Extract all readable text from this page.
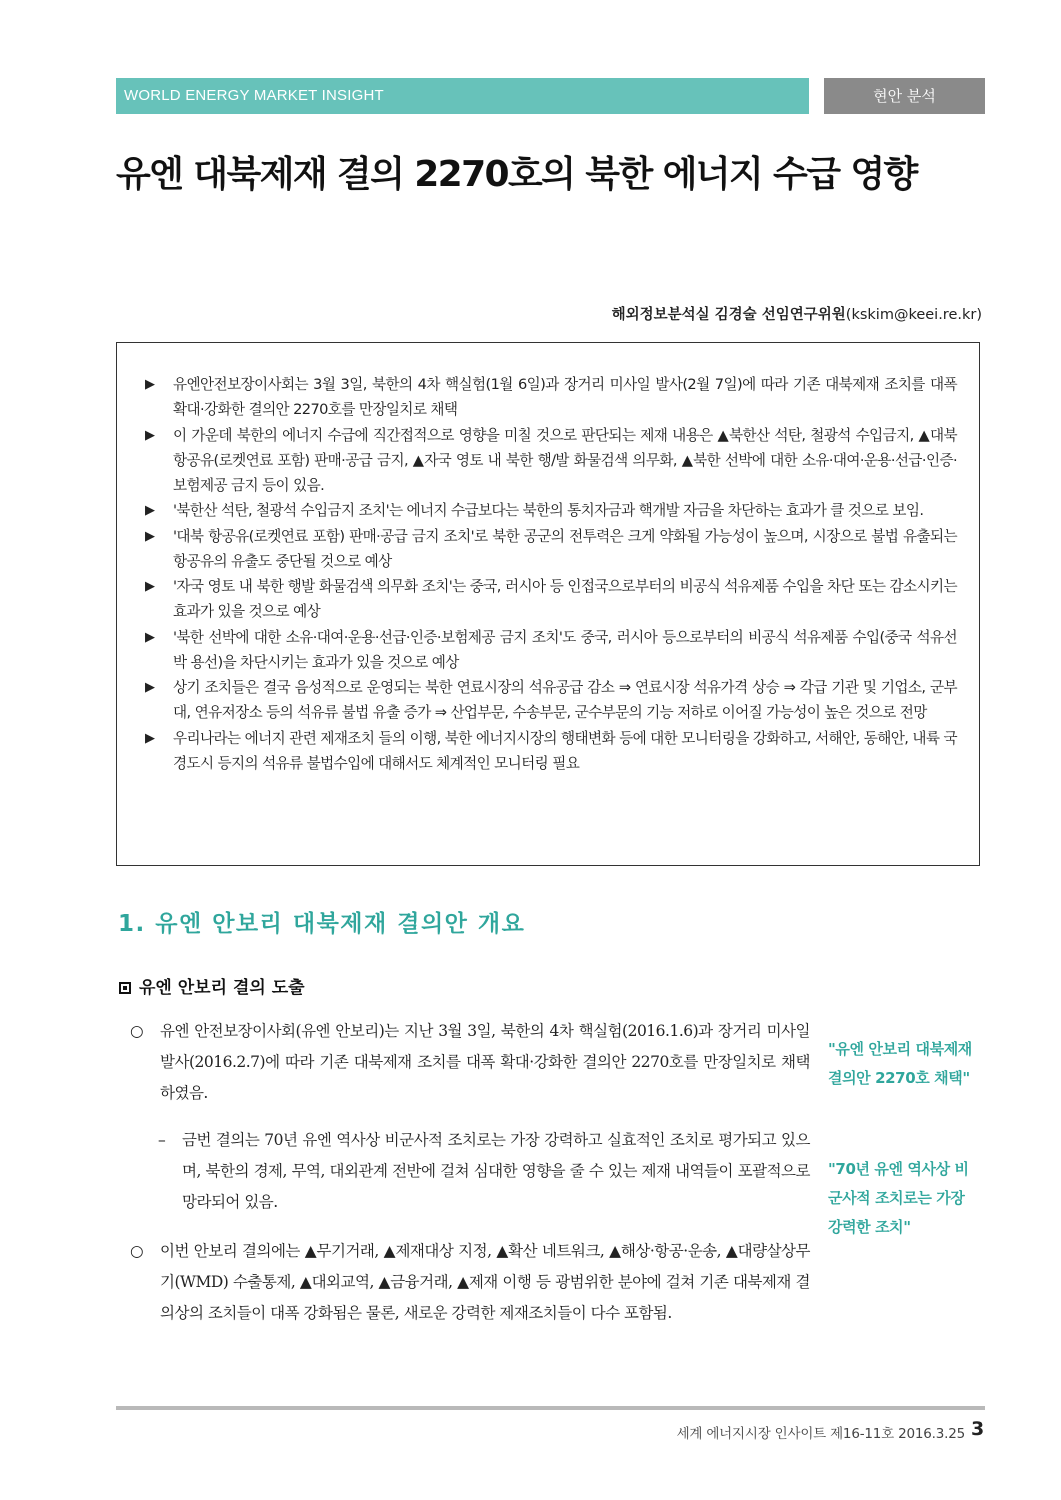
WORLD ENERGY MARKET INSIGHT	현안 분석
유엔 대북제재 결의 2270호의 북한 에너지 수급 영향
해외정보분석실 김경술 선임연구위원(kskim@keei.re.kr)
▶ 유엔안전보장이사회는 3월 3일, 북한의 4차 핵실험(1월 6일)과 장거리 미사일 발사(2월 7일)에 따라 기존 대북제재 조치를 대폭 확대·강화한 결의안 2270호를 만장일치로 채택
▶ 이 가운데 북한의 에너지 수급에 직간접적으로 영향을 미칠 것으로 판단되는 제재 내용은 ▲북한산 석탄, 철광석 수입금지, ▲대북 항공유(로켓연료 포함) 판매·공급 금지, ▲자국 영토 내 북한 행/발 화물검색 의무화, ▲북한 선박에 대한 소유·대여·운용·선급·인증·보험제공 금지 등이 있음.
▶ '북한산 석탄, 철광석 수입금지 조치'는 에너지 수급보다는 북한의 통치자금과 핵개발 자금을 차단하는 효과가 클 것으로 보임.
▶ '대북 항공유(로켓연료 포함) 판매·공급 금지 조치'로 북한 공군의 전투력은 크게 약화될 가능성이 높으며, 시장으로 불법 유출되는 항공유의 유출도 중단될 것으로 예상
▶ '자국 영토 내 북한 행발 화물검색 의무화 조치'는 중국, 러시아 등 인접국으로부터의 비공식 석유제품 수입을 차단 또는 감소시키는 효과가 있을 것으로 예상
▶ '북한 선박에 대한 소유·대여·운용·선급·인증·보험제공 금지 조치'도 중국, 러시아 등으로부터의 비공식 석유제품 수입(중국 석유선박 용선)을 차단시키는 효과가 있을 것으로 예상
▶ 상기 조치들은 결국 음성적으로 운영되는 북한 연료시장의 석유공급 감소 ⇒ 연료시장 석유가격 상승 ⇒ 각급 기관 및 기업소, 군부대, 연유저장소 등의 석유류 불법 유출 증가 ⇒ 산업부문, 수송부문, 군수부문의 기능 저하로 이어질 가능성이 높은 것으로 전망
▶ 우리나라는 에너지 관련 제재조치 들의 이행, 북한 에너지시장의 행태변화 등에 대한 모니터링을 강화하고, 서해안, 동해안, 내륙 국경도시 등지의 석유류 불법수입에 대해서도 체계적인 모니터링 필요
1. 유엔 안보리 대북제재 결의안 개요
유엔 안보리 결의 도출
○	유엔 안전보장이사회(유엔 안보리)는 지난 3월 3일, 북한의 4차 핵실험(2016.1.6)과 장거리 미사일 발사(2016.2.7)에 따라 기존 대북제재 조치를 대폭 확대·강화한 결의안 2270호를 만장일치로 채택하였음.
–	금번 결의는 70년 유엔 역사상 비군사적 조치로는 가장 강력하고 실효적인 조치로 평가되고 있으며, 북한의 경제, 무역, 대외관계 전반에 걸쳐 심대한 영향을 줄 수 있는 제재 내역들이 포괄적으로 망라되어 있음.
○	이번 안보리 결의에는 ▲무기거래, ▲제재대상 지정, ▲확산 네트워크, ▲해상·항공·운송, ▲대량살상무기(WMD) 수출통제, ▲대외교역, ▲금융거래, ▲제재 이행 등 광범위한 분야에 걸쳐 기존 대북제재 결의상의 조치들이 대폭 강화됨은 물론, 새로운 강력한 제재조치들이 다수 포함됨.
"유엔 안보리 대북제재 결의안 2270호 채택"
"70년 유엔 역사상 비군사적 조치로는 가장 강력한 조치"
세계 에너지시장 인사이트 제16-11호 2016.3.25 3
